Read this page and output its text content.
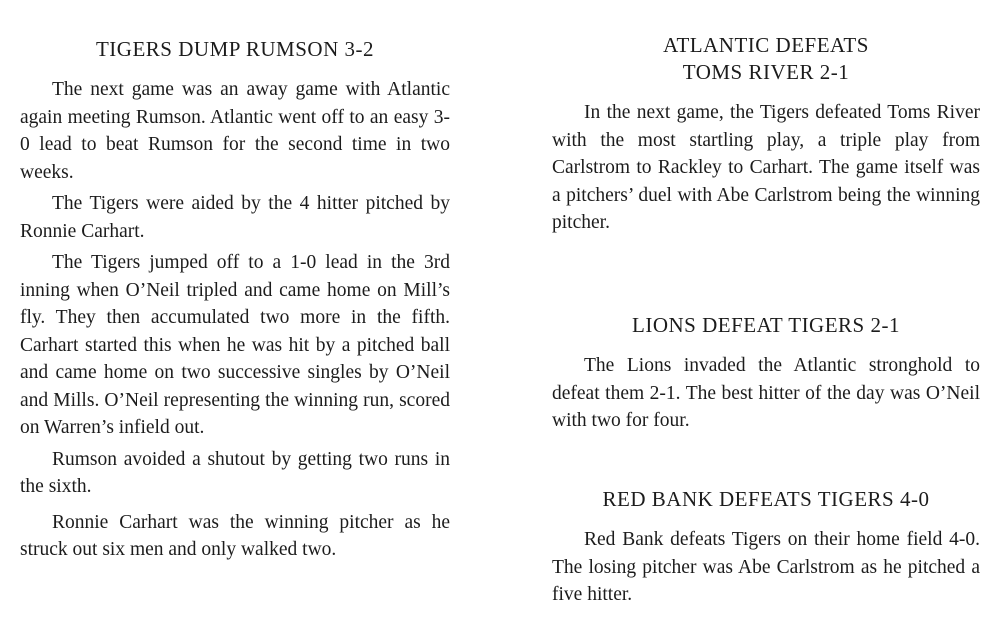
TIGERS DUMP RUMSON 3-2

The next game was an away game with Atlantic again meeting Rumson. Atlantic went off to an easy 3-0 lead to beat Rumson for the second time in two weeks.

The Tigers were aided by the 4 hitter pitched by Ronnie Carhart.

The Tigers jumped off to a 1-0 lead in the 3rd inning when O’Neil tripled and came home on Mill’s fly. They then accumulated two more in the fifth. Carhart started this when he was hit by a pitched ball and came home on two successive singles by O’Neil and Mills. O’Neil representing the winning run, scored on Warren’s infield out.

Rumson avoided a shutout by getting two runs in the sixth.

Ronnie Carhart was the winning pitcher as he struck out six men and only walked two.

ATLANTIC DEFEATS
TOMS RIVER 2-1

In the next game, the Tigers defeated Toms River with the most startling play, a triple play from Carlstrom to Rackley to Carhart. The game itself was a pitchers’ duel with Abe Carlstrom being the winning pitcher.

LIONS DEFEAT TIGERS 2-1

The Lions invaded the Atlantic stronghold to defeat them 2-1. The best hitter of the day was O’Neil with two for four.

RED BANK DEFEATS TIGERS 4-0

Red Bank defeats Tigers on their home field 4-0. The losing pitcher was Abe Carlstrom as he pitched a five hitter.
